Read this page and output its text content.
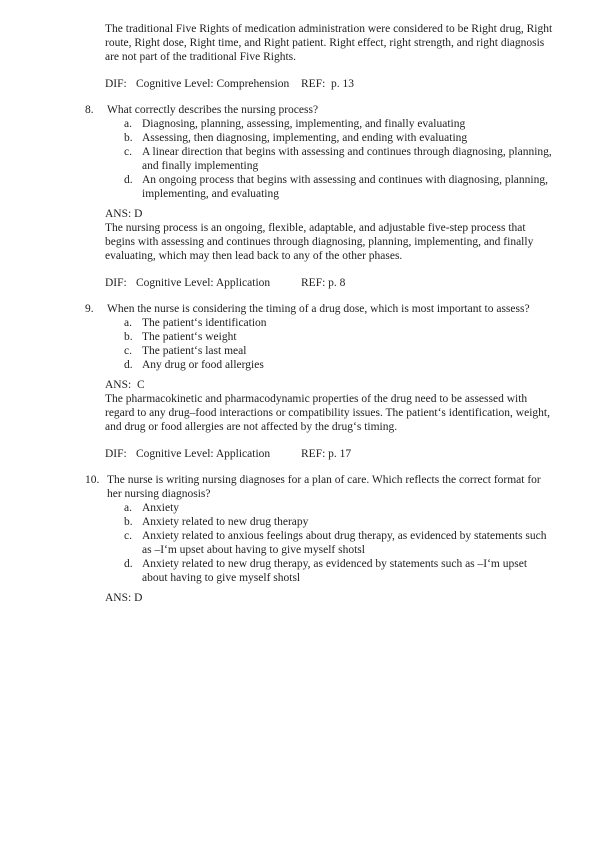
The traditional Five Rights of medication administration were considered to be Right drug, Right route, Right dose, Right time, and Right patient. Right effect, right strength, and right diagnosis are not part of the traditional Five Rights.
DIF: Cognitive Level: Comprehension	REF:  p. 13
8.	What correctly describes the nursing process?
a. Diagnosing, planning, assessing, implementing, and finally evaluating
b. Assessing, then diagnosing, implementing, and ending with evaluating
c. A linear direction that begins with assessing and continues through diagnosing, planning, and finally implementing
d. An ongoing process that begins with assessing and continues with diagnosing, planning, implementing, and evaluating
ANS: D
The nursing process is an ongoing, flexible, adaptable, and adjustable five-step process that begins with assessing and continues through diagnosing, planning, implementing, and finally evaluating, which may then lead back to any of the other phases.
DIF: Cognitive Level: Application	REF: p. 8
9.	When the nurse is considering the timing of a drug dose, which is most important to assess?
a. The patient‘s identification
b. The patient‘s weight
c. The patient‘s last meal
d. Any drug or food allergies
ANS:  C
The pharmacokinetic and pharmacodynamic properties of the drug need to be assessed with regard to any drug–food interactions or compatibility issues. The patient‘s identification, weight, and drug or food allergies are not affected by the drug‘s timing.
DIF: Cognitive Level: Application	REF: p. 17
10. The nurse is writing nursing diagnoses for a plan of care. Which reflects the correct format for her nursing diagnosis?
a. Anxiety
b. Anxiety related to new drug therapy
c. Anxiety related to anxious feelings about drug therapy, as evidenced by statements such as –I‘m upset about having to give myself shotsl
d. Anxiety related to new drug therapy, as evidenced by statements such as –I‘m upset about having to give myself shotsl
ANS: D
